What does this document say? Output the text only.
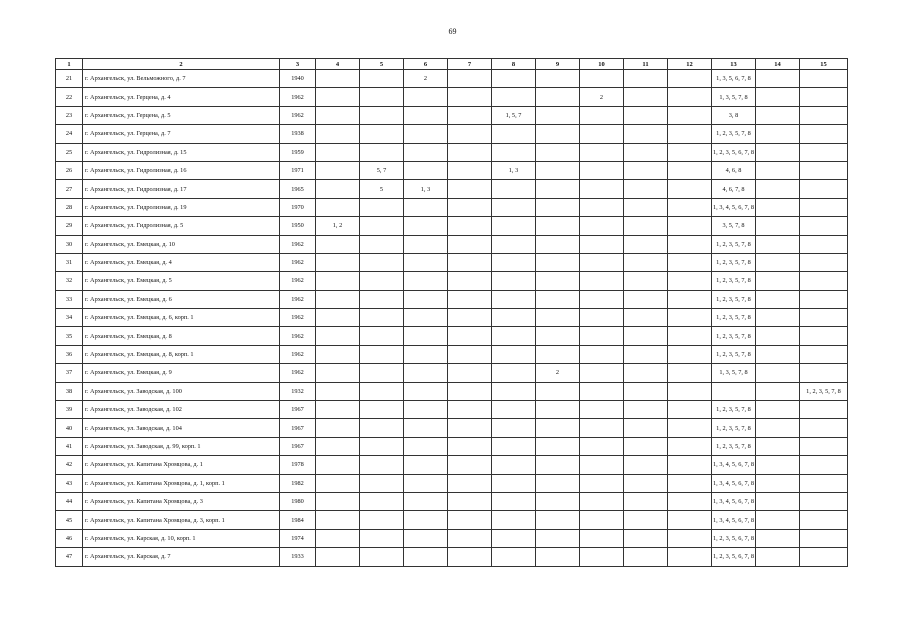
69
1	2	3	4	5	6	7	8	9	10	11	12	13	14	15
21	г. Архангельск, ул. Вельможного, д. 7	1940			2							1, 3, 5, 6, 7, 8		
22	г. Архангельск, ул. Герцена, д. 4	1962							2			1, 3, 5, 7, 8		
23	г. Архангельск, ул. Герцена, д. 5	1962					1, 5, 7					3, 8		
24	г. Архангельск, ул. Герцена, д. 7	1938										1, 2, 3, 5, 7, 8		
25	г. Архангельск, ул. Гидролизная, д. 15	1959										1, 2, 3, 5, 6, 7, 8		
26	г. Архангельск, ул. Гидролизная, д. 16	1971		5, 7			1, 3					4, 6, 8		
27	г. Архангельск, ул. Гидролизная, д. 17	1965		5	1, 3							4, 6, 7, 8		
28	г. Архангельск, ул. Гидролизная, д. 19	1970										1, 3, 4, 5, 6, 7, 8		
29	г. Архангельск, ул. Гидролизная, д. 5	1950	1, 2									3, 5, 7, 8		
30	г. Архангельск, ул. Емецкая, д. 10	1962										1, 2, 3, 5, 7, 8		
31	г. Архангельск, ул. Емецкая, д. 4	1962										1, 2, 3, 5, 7, 8		
32	г. Архангельск, ул. Емецкая, д. 5	1962										1, 2, 3, 5, 7, 8		
33	г. Архангельск, ул. Емецкая, д. 6	1962										1, 2, 3, 5, 7, 8		
34	г. Архангельск, ул. Емецкая, д. 6, корп. 1	1962										1, 2, 3, 5, 7, 8		
35	г. Архангельск, ул. Емецкая, д. 8	1962										1, 2, 3, 5, 7, 8		
36	г. Архангельск, ул. Емецкая, д. 8, корп. 1	1962										1, 2, 3, 5, 7, 8		
37	г. Архангельск, ул. Емецкая, д. 9	1962						2				1, 3, 5, 7, 8		
38	г. Архангельск, ул. Заводская, д. 100	1932												1, 2, 3, 5, 7, 8
39	г. Архангельск, ул. Заводская, д. 102	1967										1, 2, 3, 5, 7, 8		
40	г. Архангельск, ул. Заводская, д. 104	1967										1, 2, 3, 5, 7, 8		
41	г. Архангельск, ул. Заводская, д. 99, корп. 1	1967										1, 2, 3, 5, 7, 8		
42	г. Архангельск, ул. Капитана Хромцова, д. 1	1978										1, 3, 4, 5, 6, 7, 8		
43	г. Архангельск, ул. Капитана Хромцова, д. 1, корп. 1	1982										1, 3, 4, 5, 6, 7, 8		
44	г. Архангельск, ул. Капитана Хромцова, д. 3	1980										1, 3, 4, 5, 6, 7, 8		
45	г. Архангельск, ул. Капитана Хромцова, д. 3, корп. 1	1984										1, 3, 4, 5, 6, 7, 8		
46	г. Архангельск, ул. Карская, д. 10, корп. 1	1974										1, 2, 3, 5, 6, 7, 8		
47	г. Архангельск, ул. Карская, д. 7	1933										1, 2, 3, 5, 6, 7, 8		
